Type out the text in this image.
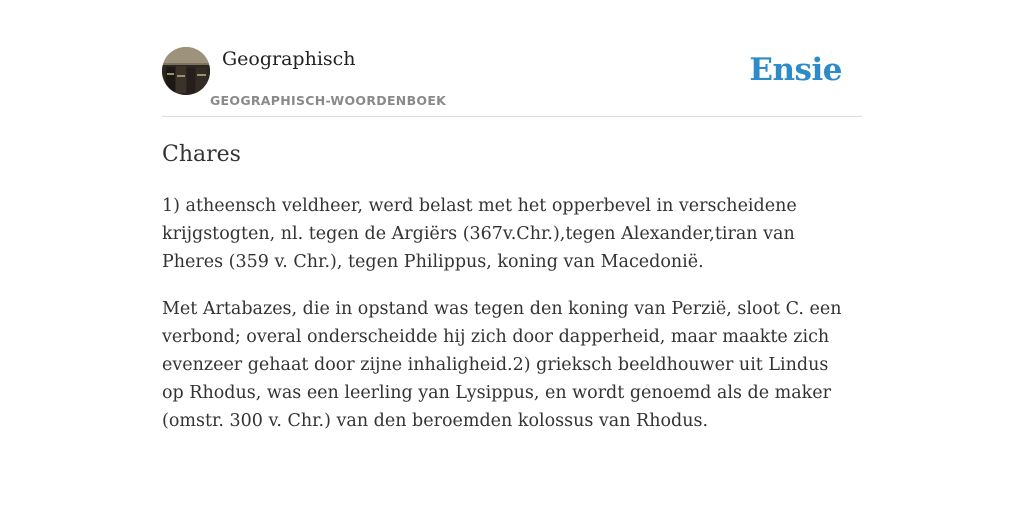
Geographisch
GEOGRAPHISCH-WOORDENBOEK
Ensie
Chares

1) atheensch veldheer, werd belast met het opperbevel in verscheidene krijgstogten, nl. tegen de Argiërs (367v.Chr.),tegen Alexander,tiran van Pheres (359 v. Chr.), tegen Philippus, koning van Macedonië.

Met Artabazes, die in opstand was tegen den koning van Perzië, sloot C. een verbond; overal onderscheidde hij zich door dapperheid, maar maakte zich evenzeer gehaat door zijne inhaligheid.2) grieksch beeldhouwer uit Lindus op Rhodus, was een leerling yan Lysippus, en wordt genoemd als de maker (omstr. 300 v. Chr.) van den beroemden kolossus van Rhodus.
